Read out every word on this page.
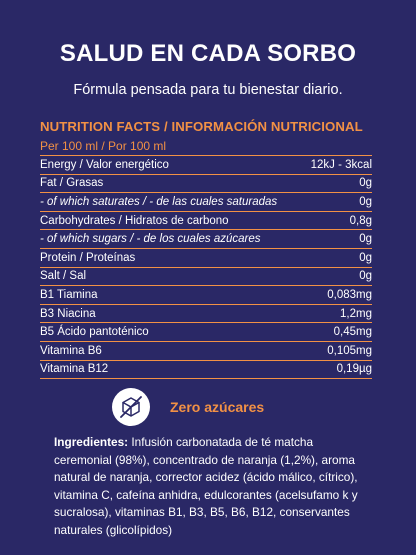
SALUD EN CADA SORBO
Fórmula pensada para tu bienestar diario.
NUTRITION FACTS / INFORMACIÓN NUTRICIONAL
Per 100 ml / Por 100 ml
Energy / Valor energético	12kJ - 3kcal
Fat / Grasas	0g
- of which saturates / - de las cuales saturadas	0g
Carbohydrates / Hidratos de carbono	0,8g
- of which sugars / - de los cuales azúcares	0g
Protein / Proteínas	0g
Salt / Sal	0g
B1 Tiamina	0,083mg
B3 Niacina	1,2mg
B5 Ácido pantoténico	0,45mg
Vitamina B6	0,105mg
Vitamina B12	0,19µg
Zero azúcares
Ingredientes: Infusión carbonatada de té matcha ceremonial (98%), concentrado de naranja (1,2%), aroma natural de naranja, corrector acidez (ácido málico, cítrico), vitamina C, cafeína anhidra, edulcorantes (acelsufamo k y sucralosa), vitaminas B1, B3, B5, B6, B12, conservantes naturales (glicolípidos)
